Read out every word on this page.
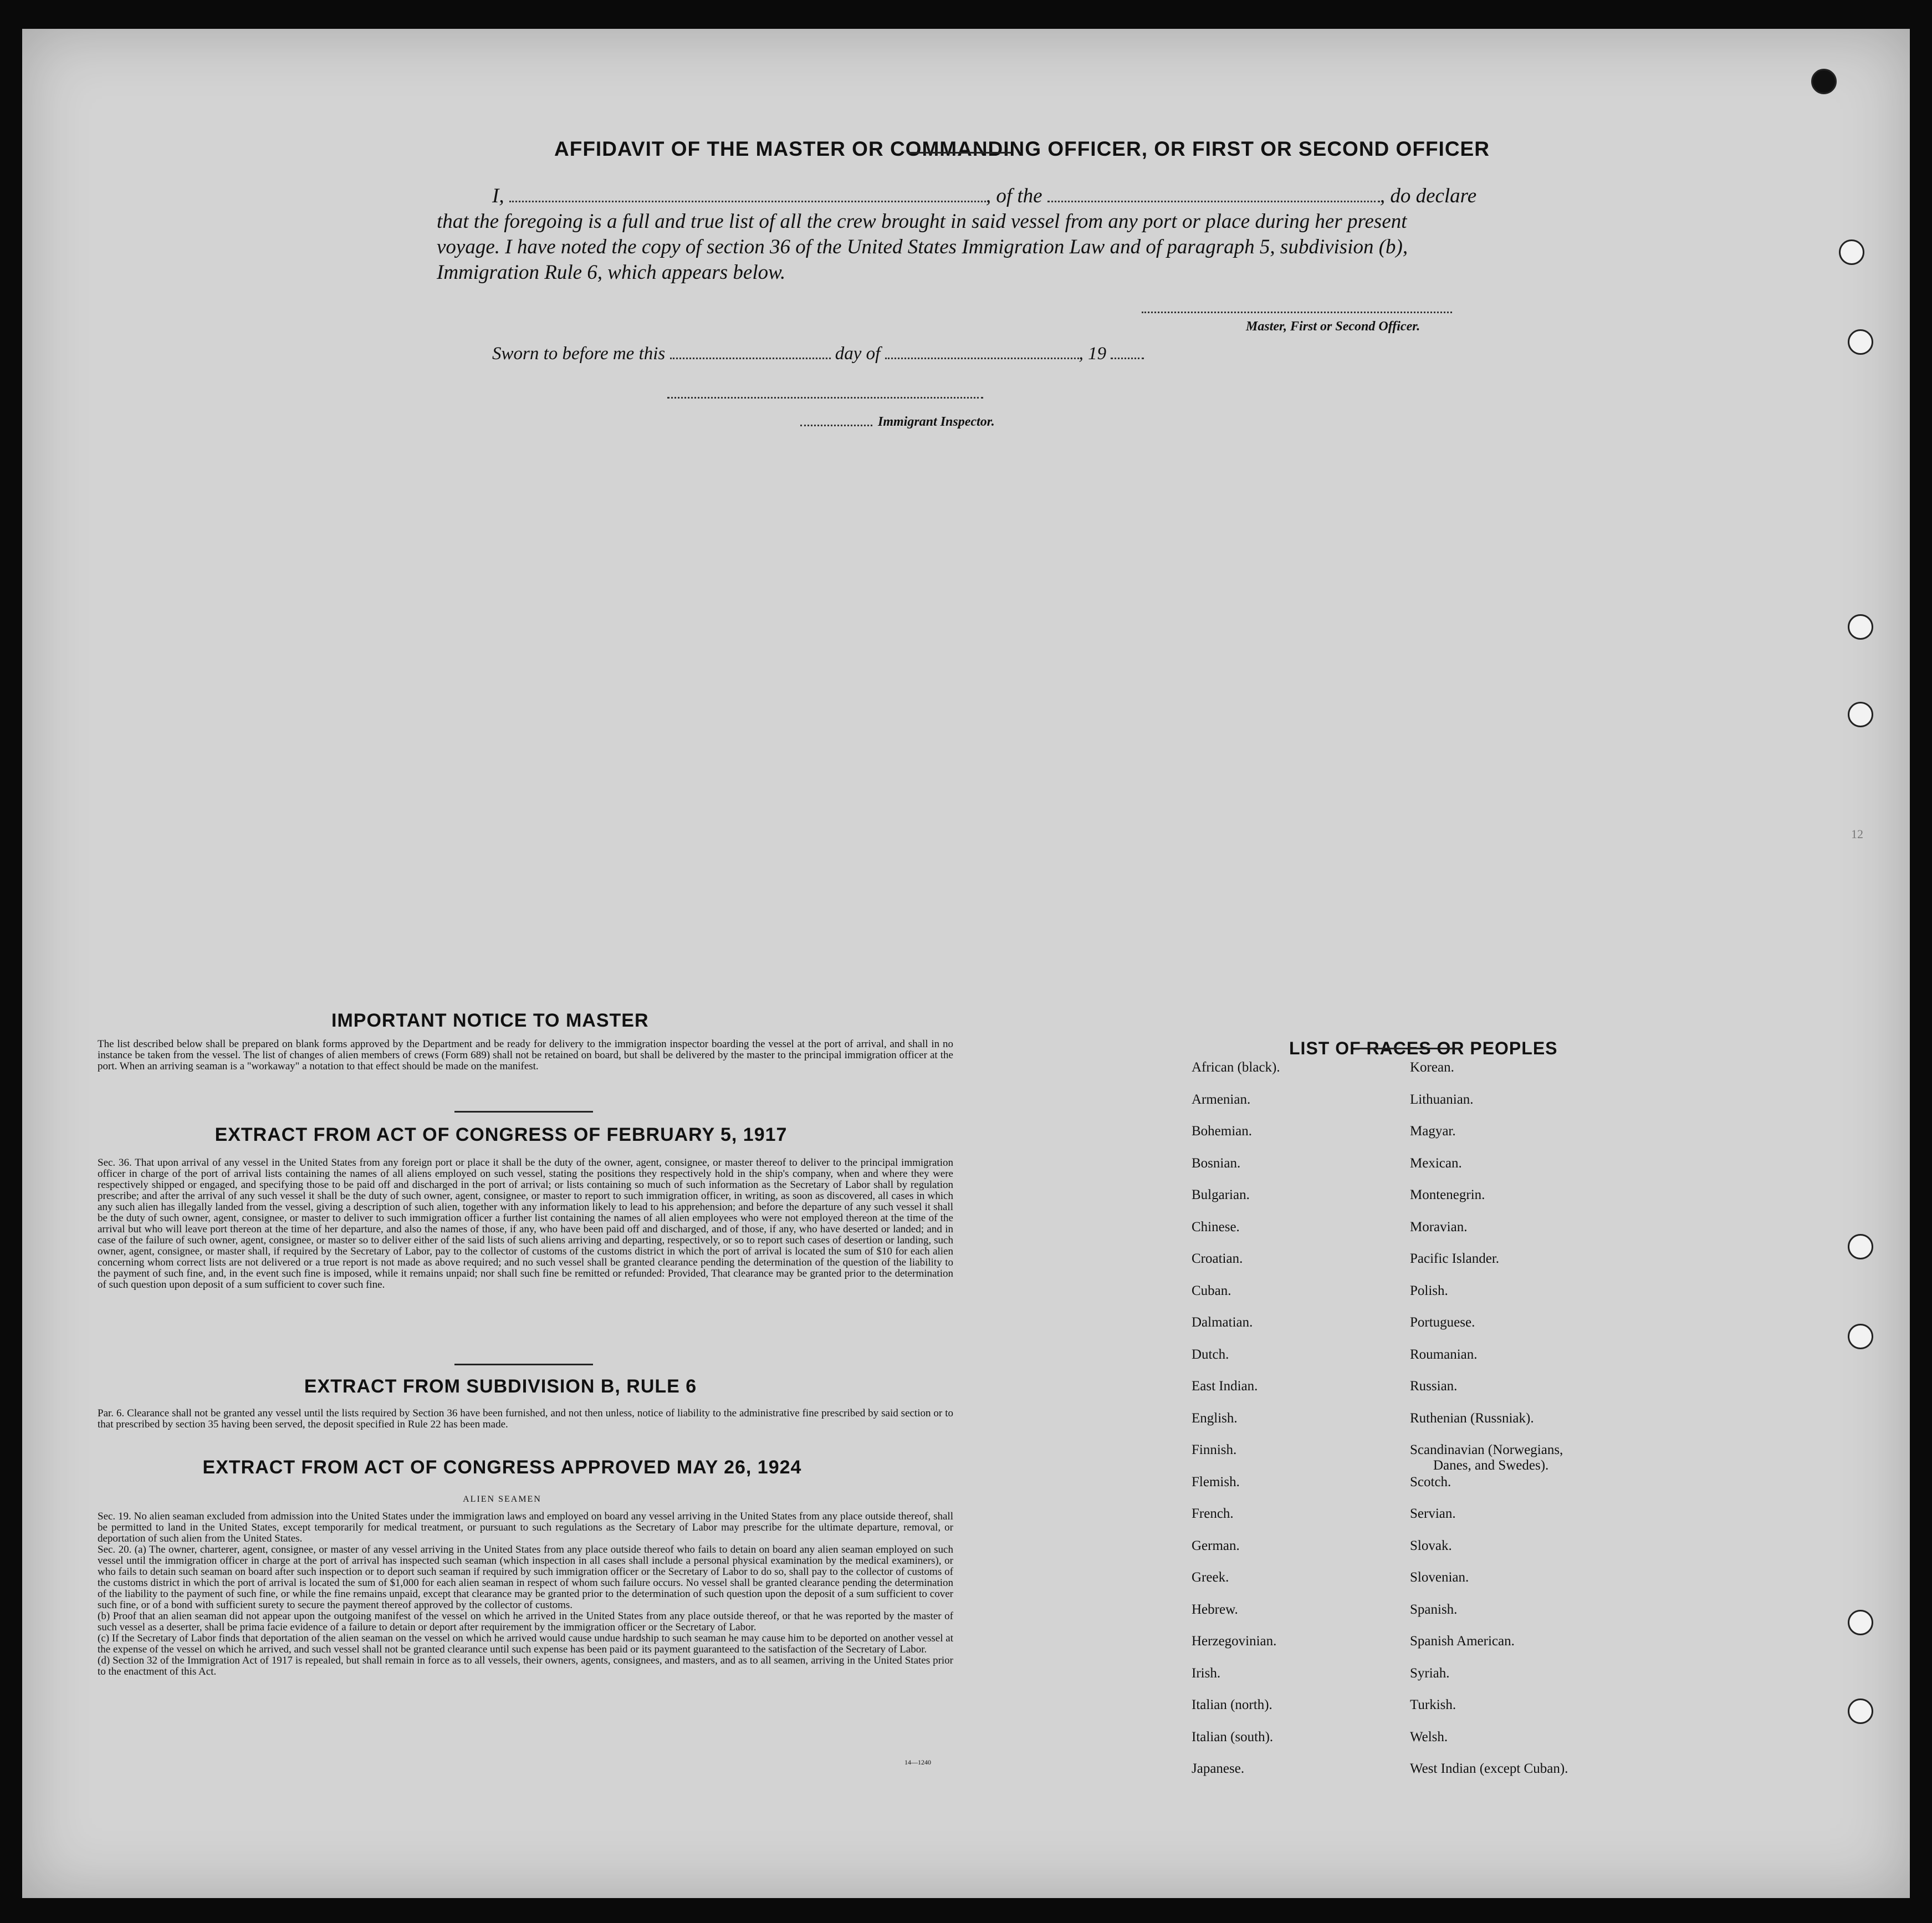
AFFIDAVIT OF THE MASTER OR COMMANDING OFFICER, OR FIRST OR SECOND OFFICER
I,	, of the	, do declare
that the foregoing is a full and true list of all the crew brought in said vessel from any port or place during her present
voyage. I have noted the copy of section 36 of the United States Immigration Law and of paragraph 5, subdivision (b),
Immigration Rule 6, which appears below.
Master, First or Second Officer.
Sworn to before me this	day of	, 19
Immigrant Inspector.
IMPORTANT NOTICE TO MASTER
The list described below shall be prepared on blank forms approved by the Department and be ready for delivery to the immigration inspector boarding the vessel at the port of arrival, and shall in no instance be taken from the vessel. The list of changes of alien members of crews (Form 689) shall not be retained on board, but shall be delivered by the master to the principal immigration officer at the port. When an arriving seaman is a "workaway" a notation to that effect should be made on the manifest.
EXTRACT FROM ACT OF CONGRESS OF FEBRUARY 5, 1917
Sec. 36. That upon arrival of any vessel in the United States from any foreign port or place it shall be the duty of the owner, agent, consignee, or master thereof to deliver to the principal immigration officer in charge of the port of arrival lists containing the names of all aliens employed on such vessel, stating the positions they respectively hold in the ship's company, when and where they were respectively shipped or engaged, and specifying those to be paid off and discharged in the port of arrival; or lists containing so much of such information as the Secretary of Labor shall by regulation prescribe; and after the arrival of any such vessel it shall be the duty of such owner, agent, consignee, or master to report to such immigration officer, in writing, as soon as discovered, all cases in which any such alien has illegally landed from the vessel, giving a description of such alien, together with any information likely to lead to his apprehension; and before the departure of any such vessel it shall be the duty of such owner, agent, consignee, or master to deliver to such immigration officer a further list containing the names of all alien employees who were not employed thereon at the time of the arrival but who will leave port thereon at the time of her departure, and also the names of those, if any, who have been paid off and discharged, and of those, if any, who have deserted or landed; and in case of the failure of such owner, agent, consignee, or master so to deliver either of the said lists of such aliens arriving and departing, respectively, or so to report such cases of desertion or landing, such owner, agent, consignee, or master shall, if required by the Secretary of Labor, pay to the collector of customs of the customs district in which the port of arrival is located the sum of $10 for each alien concerning whom correct lists are not delivered or a true report is not made as above required; and no such vessel shall be granted clearance pending the determination of the question of the liability to the payment of such fine, and, in the event such fine is imposed, while it remains unpaid; nor shall such fine be remitted or refunded: Provided, That clearance may be granted prior to the determination of such question upon deposit of a sum sufficient to cover such fine.
EXTRACT FROM SUBDIVISION B, RULE 6
Par. 6. Clearance shall not be granted any vessel until the lists required by Section 36 have been furnished, and not then unless, notice of liability to the administrative fine prescribed by said section or to that prescribed by section 35 having been served, the deposit specified in Rule 22 has been made.
EXTRACT FROM ACT OF CONGRESS APPROVED MAY 26, 1924
ALIEN SEAMEN

Sec. 19. No alien seaman excluded from admission into the United States under the immigration laws and employed on board any vessel arriving in the United States from any place outside thereof, shall be permitted to land in the United States, except temporarily for medical treatment, or pursuant to such regulations as the Secretary of Labor may prescribe for the ultimate departure, removal, or deportation of such alien from the United States.

Sec. 20. (a) The owner, charterer, agent, consignee, or master of any vessel arriving in the United States from any place outside thereof who fails to detain on board any alien seaman employed on such vessel until the immigration officer in charge at the port of arrival has inspected such seaman (which inspection in all cases shall include a personal physical examination by the medical examiners), or who fails to detain such seaman on board after such inspection or to deport such seaman if required by such immigration officer or the Secretary of Labor to do so, shall pay to the collector of customs of the customs district in which the port of arrival is located the sum of $1,000 for each alien seaman in respect of whom such failure occurs. No vessel shall be granted clearance pending the determination of the liability to the payment of such fine, or while the fine remains unpaid, except that clearance may be granted prior to the determination of such question upon the deposit of a sum sufficient to cover such fine, or of a bond with sufficient surety to secure the payment thereof approved by the collector of customs.

(b) Proof that an alien seaman did not appear upon the outgoing manifest of the vessel on which he arrived in the United States from any place outside thereof, or that he was reported by the master of such vessel as a deserter, shall be prima facie evidence of a failure to detain or deport after requirement by the immigration officer or the Secretary of Labor.

(c) If the Secretary of Labor finds that deportation of the alien seaman on the vessel on which he arrived would cause undue hardship to such seaman he may cause him to be deported on another vessel at the expense of the vessel on which he arrived, and such vessel shall not be granted clearance until such expense has been paid or its payment guaranteed to the satisfaction of the Secretary of Labor.

(d) Section 32 of the Immigration Act of 1917 is repealed, but shall remain in force as to all vessels, their owners, agents, consignees, and masters, and as to all seamen, arriving in the United States prior to the enactment of this Act.

14—1240
LIST OF RACES OR PEOPLES
African (black).
Armenian.
Bohemian.
Bosnian.
Bulgarian.
Chinese.
Croatian.
Cuban.
Dalmatian.
Dutch.
East Indian.
English.
Finnish.
Flemish.
French.
German.
Greek.
Hebrew.
Herzegovinian.
Irish.
Italian (north).
Italian (south).
Japanese.
Korean.
Lithuanian.
Magyar.
Mexican.
Montenegrin.
Moravian.
Pacific Islander.
Polish.
Portuguese.
Roumanian.
Russian.
Ruthenian (Russniak).
Scandinavian (Norwegians,
Scotch.
Servian.
Slovak.
Slovenian.
Spanish.
Spanish American.
Syriah.
Turkish.
Welsh.
West Indian (except Cuban).
Danes, and Swedes).
12
